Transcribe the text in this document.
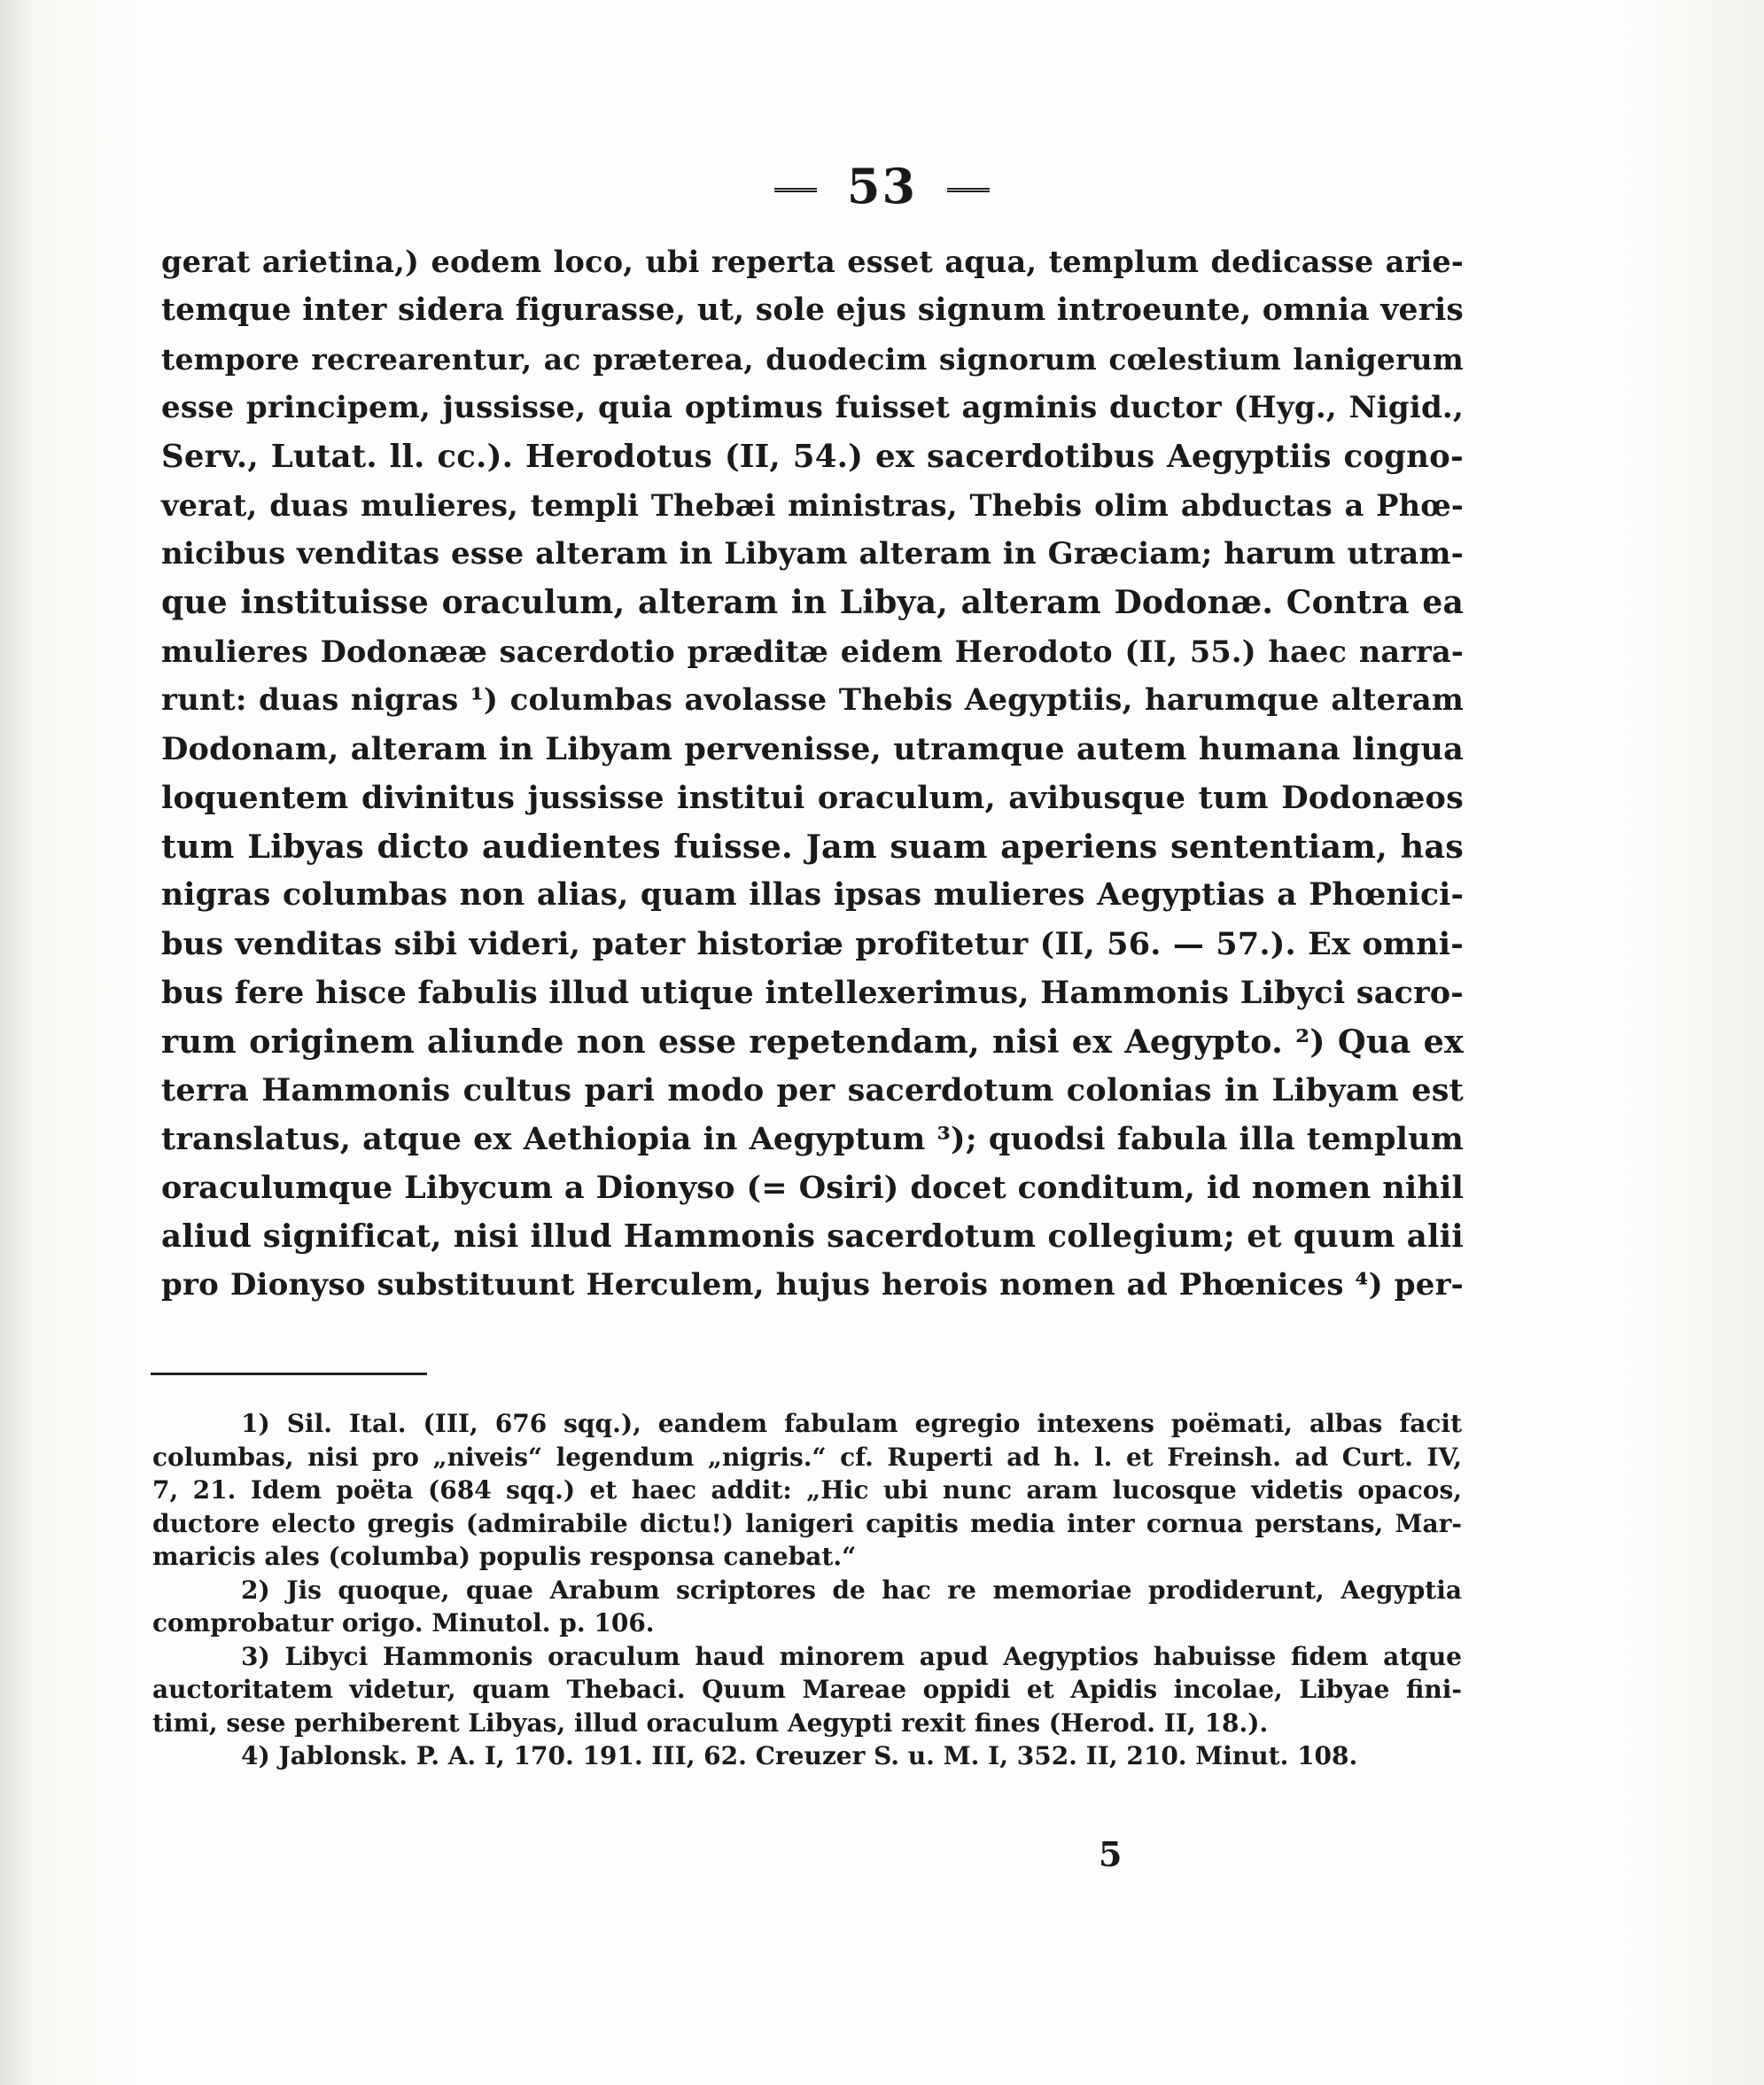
53
gerat arietina,) eodem loco, ubi reperta esset aqua, templum dedicasse arie-
temque inter sidera figurasse, ut, sole ejus signum introeunte, omnia veris
tempore recrearentur, ac præterea, duodecim signorum cœlestium lanigerum
esse principem, jussisse, quia optimus fuisset agminis ductor (Hyg., Nigid.,
Serv., Lutat. ll. cc.). Herodotus (II, 54.) ex sacerdotibus Aegyptiis cogno-
verat, duas mulieres, templi Thebæi ministras, Thebis olim abductas a Phœ-
nicibus venditas esse alteram in Libyam alteram in Græciam; harum utram-
que instituisse oraculum, alteram in Libya, alteram Dodonæ. Contra ea
mulieres Dodonææ sacerdotio præditæ eidem Herodoto (II, 55.) haec narra-
runt: duas nigras ¹) columbas avolasse Thebis Aegyptiis, harumque alteram
Dodonam, alteram in Libyam pervenisse, utramque autem humana lingua
loquentem divinitus jussisse institui oraculum, avibusque tum Dodonæos
tum Libyas dicto audientes fuisse. Jam suam aperiens sententiam, has
nigras columbas non alias, quam illas ipsas mulieres Aegyptias a Phœnici-
bus venditas sibi videri, pater historiæ profitetur (II, 56. — 57.). Ex omni-
bus fere hisce fabulis illud utique intellexerimus, Hammonis Libyci sacro-
rum originem aliunde non esse repetendam, nisi ex Aegypto. ²) Qua ex
terra Hammonis cultus pari modo per sacerdotum colonias in Libyam est
translatus, atque ex Aethiopia in Aegyptum ³); quodsi fabula illa templum
oraculumque Libycum a Dionyso (= Osiri) docet conditum, id nomen nihil
aliud significat, nisi illud Hammonis sacerdotum collegium; et quum alii
pro Dionyso substituunt Herculem, hujus herois nomen ad Phœnices ⁴) per-
1) Sil. Ital. (III, 676 sqq.), eandem fabulam egregio intexens poëmati, albas facit
columbas, nisi pro „niveis“ legendum „nigris.“ cf. Ruperti ad h. l. et Freinsh. ad Curt. IV,
7, 21. Idem poëta (684 sqq.) et haec addit: „Hic ubi nunc aram lucosque videtis opacos,
ductore electo gregis (admirabile dictu!) lanigeri capitis media inter cornua perstans, Mar-
maricis ales (columba) populis responsa canebat.“
2) Jis quoque, quae Arabum scriptores de hac re memoriae prodiderunt, Aegyptia
comprobatur origo. Minutol. p. 106.
3) Libyci Hammonis oraculum haud minorem apud Aegyptios habuisse fidem atque
auctoritatem videtur, quam Thebaci. Quum Mareae oppidi et Apidis incolae, Libyae fini-
timi, sese perhiberent Libyas, illud oraculum Aegypti rexit fines (Herod. II, 18.).
4) Jablonsk. P. A. I, 170. 191. III, 62. Creuzer S. u. M. I, 352. II, 210. Minut. 108.
5
